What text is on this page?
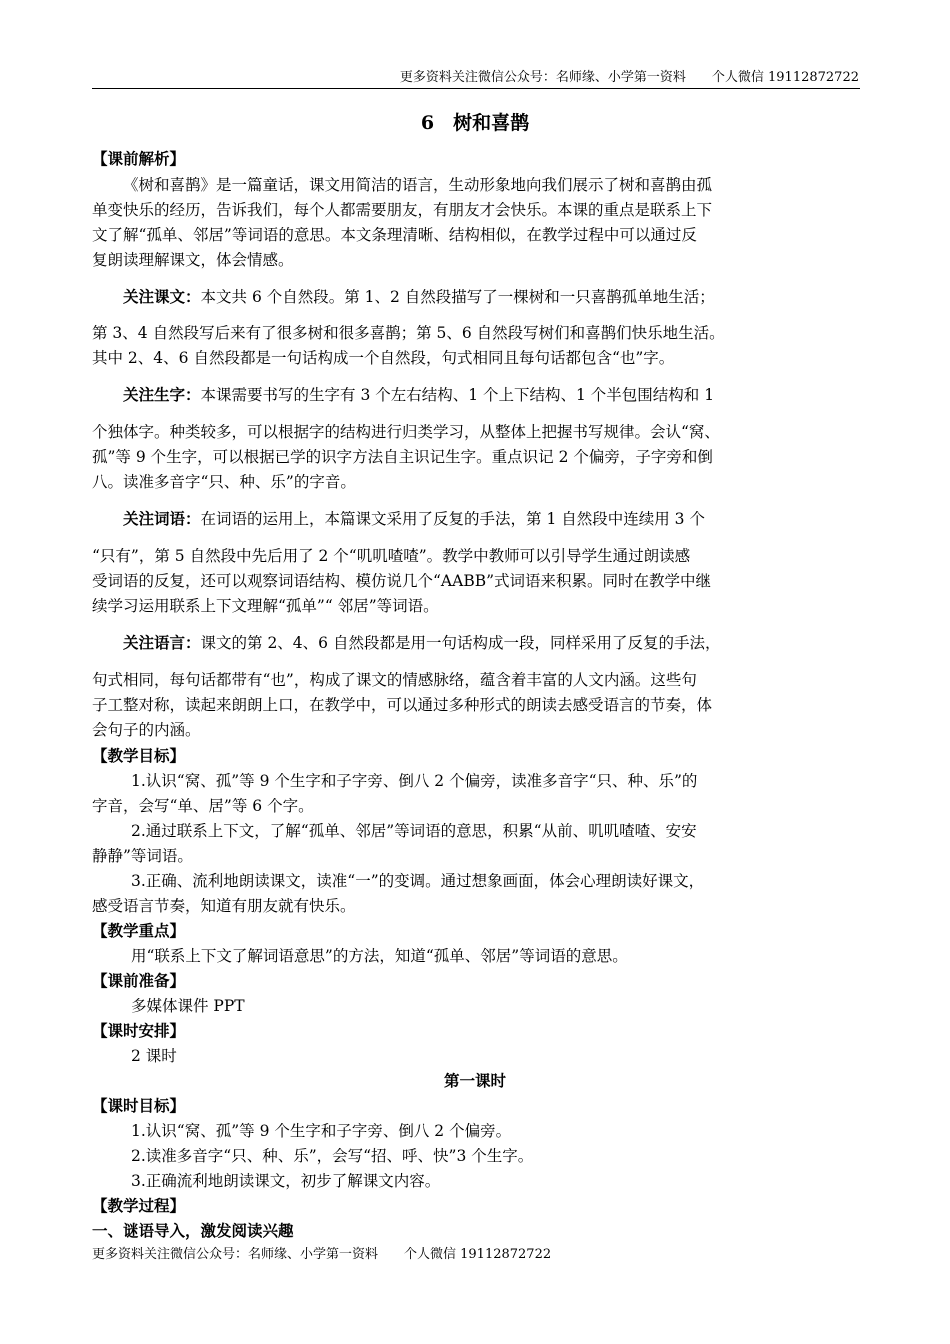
更多资料关注微信公众号：名师缘、小学第一资料　　个人微信 19112872722
6　树和喜鹊
【课前解析】
《树和喜鹊》是一篇童话，课文用简洁的语言，生动形象地向我们展示了树和喜鹊由孤
单变快乐的经历，告诉我们，每个人都需要朋友，有朋友才会快乐。本课的重点是联系上下
文了解“孤单、邻居”等词语的意思。本文条理清晰、结构相似，在教学过程中可以通过反
复朗读理解课文，体会情感。
关注课文：本文共 6 个自然段。第 1、2 自然段描写了一棵树和一只喜鹊孤单地生活；
第 3、4 自然段写后来有了很多树和很多喜鹊；第 5、6 自然段写树们和喜鹊们快乐地生活。
其中 2、4、6 自然段都是一句话构成一个自然段，句式相同且每句话都包含“也”字。
关注生字：本课需要书写的生字有 3 个左右结构、1 个上下结构、1 个半包围结构和 1
个独体字。种类较多，可以根据字的结构进行归类学习，从整体上把握书写规律。会认“窝、
孤”等 9 个生字，可以根据已学的识字方法自主识记生字。重点识记 2 个偏旁，子字旁和倒
八。读准多音字“只、种、乐”的字音。
关注词语：在词语的运用上，本篇课文采用了反复的手法，第 1 自然段中连续用 3 个
“只有”，第 5 自然段中先后用了 2 个“叽叽喳喳”。教学中教师可以引导学生通过朗读感
受词语的反复，还可以观察词语结构、模仿说几个“AABB”式词语来积累。同时在教学中继
续学习运用联系上下文理解“孤单”“ 邻居”等词语。
关注语言：课文的第 2、4、6 自然段都是用一句话构成一段，同样采用了反复的手法，
句式相同，每句话都带有“也”，构成了课文的情感脉络，蕴含着丰富的人文内涵。这些句
子工整对称，读起来朗朗上口，在教学中，可以通过多种形式的朗读去感受语言的节奏，体
会句子的内涵。
【教学目标】
1.认识“窝、孤”等 9 个生字和子字旁、倒八 2 个偏旁，读准多音字“只、种、乐”的
字音，会写“单、居”等 6 个字。
2.通过联系上下文，了解“孤单、邻居”等词语的意思，积累“从前、叽叽喳喳、安安
静静”等词语。
3.正确、流利地朗读课文，读准“一”的变调。通过想象画面，体会心理朗读好课文，
感受语言节奏，知道有朋友就有快乐。
【教学重点】
用“联系上下文了解词语意思”的方法，知道“孤单、邻居”等词语的意思。
【课前准备】
多媒体课件 PPT
【课时安排】
2 课时
第一课时
【课时目标】
1.认识“窝、孤”等 9 个生字和子字旁、倒八 2 个偏旁。
2.读准多音字“只、种、乐”，会写“招、呼、快”3 个生字。
3.正确流利地朗读课文，初步了解课文内容。
【教学过程】
一、谜语导入，激发阅读兴趣
更多资料关注微信公众号：名师缘、小学第一资料　　个人微信 19112872722
